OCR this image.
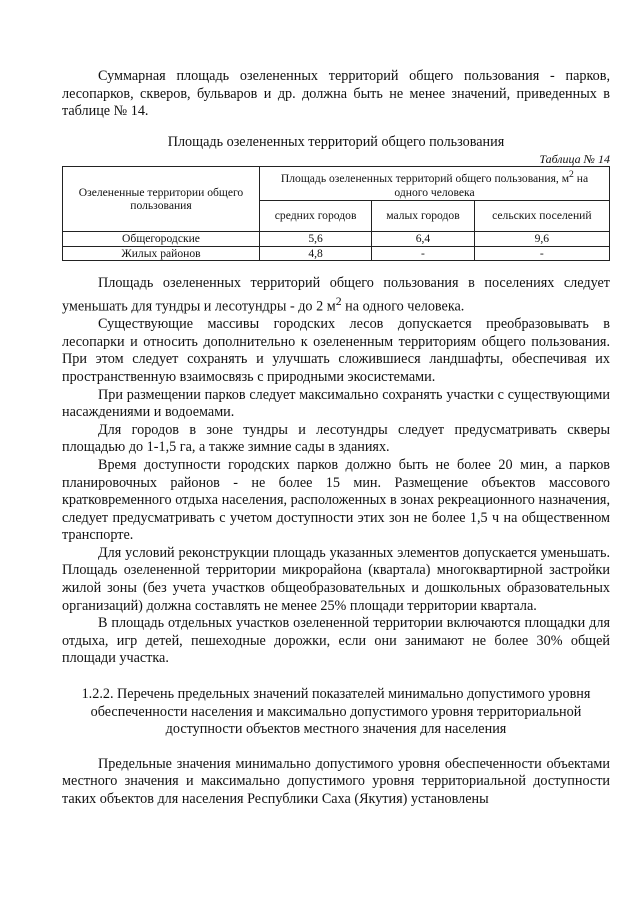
Суммарная площадь озелененных территорий общего пользования - парков, лесопарков, скверов, бульваров и др. должна быть не менее значений, приведенных в таблице № 14.

Площадь озелененных территорий общего пользования
Таблица № 14
Озелененные территории общего пользования	Площадь озелененных территорий общего пользования, $м^2$ на одного человека		
	средних городов	малых городов	сельских поселений
Общегородские	5,6	6,4	9,6
Жилых районов	4,8	-	-

Площадь озелененных территорий общего пользования в поселениях следует уменьшать для тундры и лесотундры - до 2 $м^2$ на одного человека.

Существующие массивы городских лесов допускается преобразовывать в лесопарки и относить дополнительно к озелененным территориям общего пользования. При этом следует сохранять и улучшать сложившиеся ландшафты, обеспечивая их пространственную взаимосвязь с природными экосистемами.

При размещении парков следует максимально сохранять участки с существующими насаждениями и водоемами.

Для городов в зоне тундры и лесотундры следует предусматривать скверы площадью до 1-1,5 га, а также зимние сады в зданиях.

Время доступности городских парков должно быть не более 20 мин, а парков планировочных районов - не более 15 мин. Размещение объектов массового кратковременного отдыха населения, расположенных в зонах рекреационного назначения, следует предусматривать с учетом доступности этих зон не более 1,5 ч на общественном транспорте.

Для условий реконструкции площадь указанных элементов допускается уменьшать. Площадь озелененной территории микрорайона (квартала) многоквартирной застройки жилой зоны (без учета участков общеобразовательных и дошкольных образовательных организаций) должна составлять не менее 25% площади территории квартала.

В площадь отдельных участков озелененной территории включаются площадки для отдыха, игр детей, пешеходные дорожки, если они занимают не более 30% общей площади участка.

1.2.2. Перечень предельных значений показателей минимально допустимого уровня обеспеченности населения и максимально допустимого уровня территориальной доступности объектов местного значения для населения

Предельные значения минимально допустимого уровня обеспеченности объектами местного значения и максимально допустимого уровня территориальной доступности таких объектов для населения Республики Саха (Якутия) установлены
